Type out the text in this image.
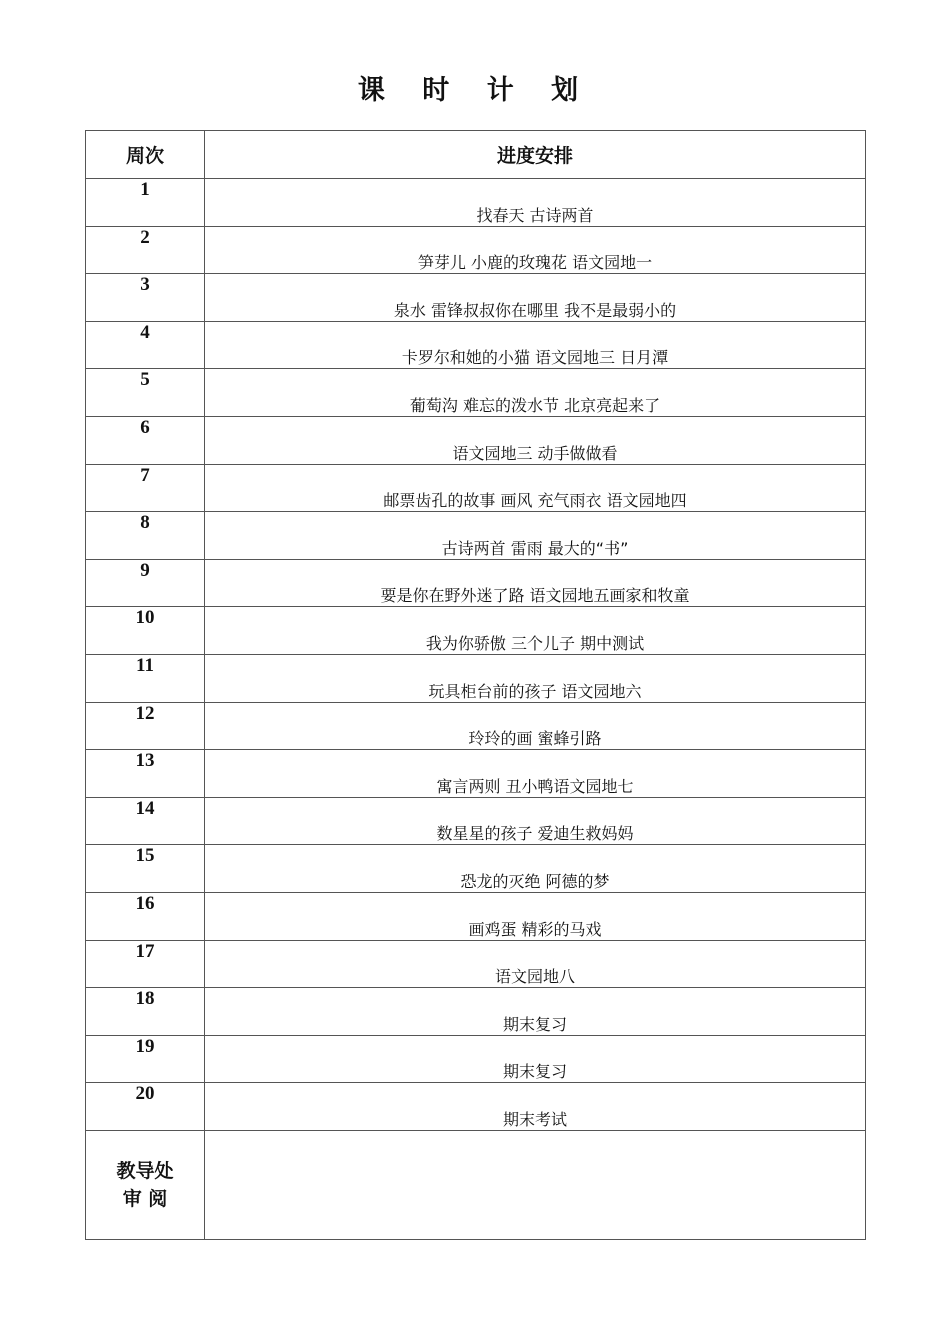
课 时 计 划
周次	进度安排
1	找春天 古诗两首
2	笋芽儿 小鹿的玫瑰花 语文园地一
3	泉水 雷锋叔叔你在哪里 我不是最弱小的
4	卡罗尔和她的小猫 语文园地三 日月潭
5	葡萄沟 难忘的泼水节 北京亮起来了
6	语文园地三 动手做做看
7	邮票齿孔的故事 画风 充气雨衣 语文园地四
8	古诗两首 雷雨 最大的“书”
9	要是你在野外迷了路 语文园地五画家和牧童
10	我为你骄傲 三个儿子 期中测试
11	玩具柜台前的孩子 语文园地六
12	玲玲的画 蜜蜂引路
13	寓言两则 丑小鸭语文园地七
14	数星星的孩子 爱迪生救妈妈
15	恐龙的灭绝 阿德的梦
16	画鸡蛋 精彩的马戏
17	语文园地八
18	期末复习
19	期末复习
20	期末考试

教导处
审 阅	
